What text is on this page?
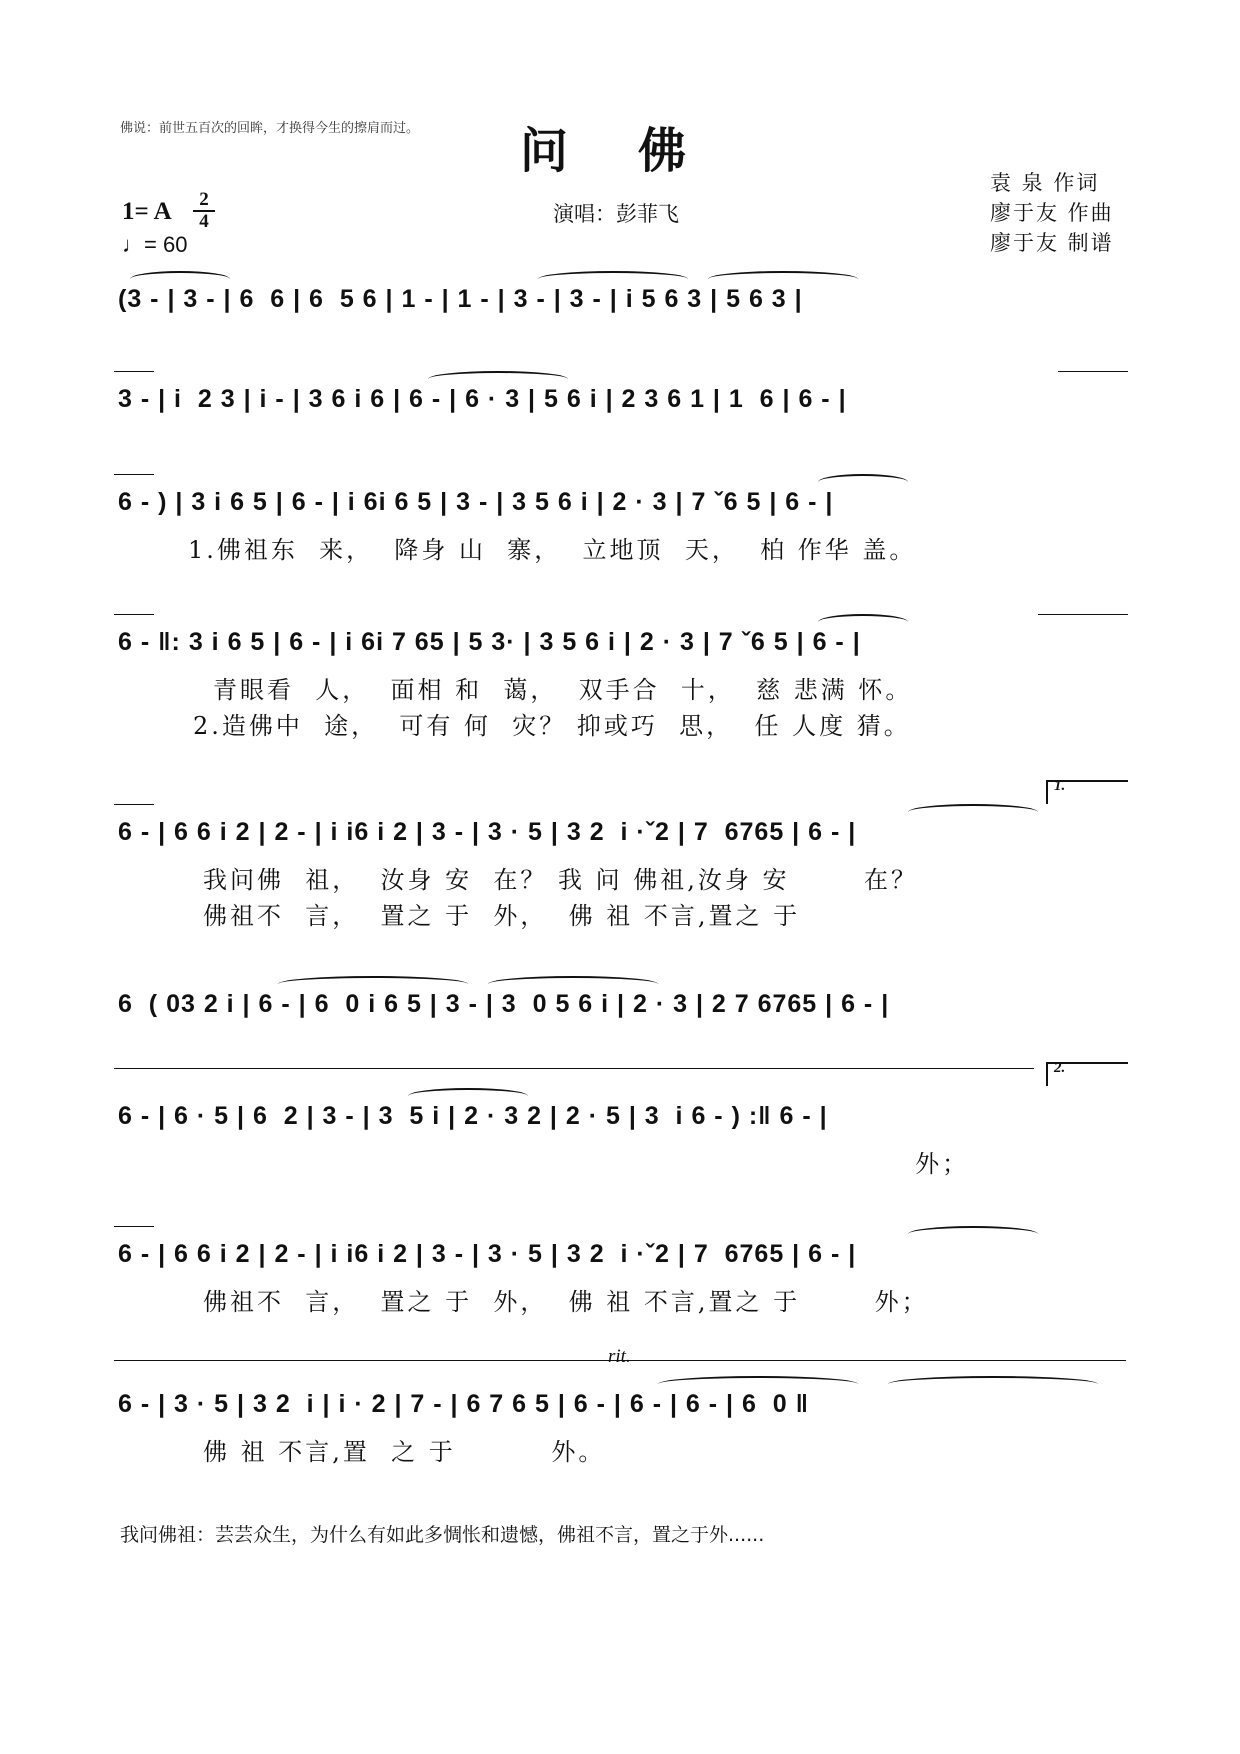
佛说：前世五百次的回眸，才换得今生的擦肩而过。 问佛
袁 泉 作词
廖于友 作曲
廖于友 制谱
1= A	2
4
♩= 60
演唱：彭菲飞
(3 - | 3 - | 6  6 | 6  5 6 | 1 - | 1 - | 3 - | 3 - | i 5 6 3 | 5 6 3 |
3 - | i  2 3 | i - | 3 6 i 6 | 6 - | 6 · 3 | 5 6 i | 2 3 6 1 | 1  6 | 6 - |
6 - ) | 3 i 6 5 | 6 - | i 6i 6 5 | 3 - | 3 5 6 i | 2 · 3 | 7 ˇ6 5 | 6 - |
1.佛祖东  来，  降身 山  寨，  立地顶  天，  柏 作华 盖。
6 - ‖: 3 i 6 5 | 6 - | i 6i 7 65 | 5 3· | 3 5 6 i | 2 · 3 | 7 ˇ6 5 | 6 - |
青眼看  人，  面相 和  蔼，  双手合  十，  慈 悲满 怀。
2.造佛中  途，  可有 何  灾？ 抑或巧  思，  任 人度 猜。
6 - | 6 6 i 2 | 2 - | i i6 i 2 | 3 - | 3 · 5 | 3 2  i ·ˇ2 | 7  6765 | 6 - |
我问佛  祖，  汝身 安  在？ 我 问 佛祖,汝身 安       在？
佛祖不  言，  置之 于  外，  佛 祖 不言,置之 于
1.
6  ( 03 2 i | 6 - | 6  0 i 6 5 | 3 - | 3  0 5 6 i | 2 · 3 | 2 7 6765 | 6 - |
6 - | 6 · 5 | 6  2 | 3 - | 3  5 i | 2 · 3 2 | 2 · 5 | 3  i 6 - ) :‖ 6 - |
外；
2.
6 - | 6 6 i 2 | 2 - | i i6 i 2 | 3 - | 3 · 5 | 3 2  i ·ˇ2 | 7  6765 | 6 - |
佛祖不  言，  置之 于  外，  佛 祖 不言,置之 于       外；
6 - | 3 · 5 | 3 2  i | i · 2 | 7 - | 6 7 6 5 | 6 - | 6 - | 6 - | 6  0 ‖
佛 祖 不言,置  之 于         外。
rit.
我问佛祖：芸芸众生，为什么有如此多惆怅和遗憾，佛祖不言，置之于外......
